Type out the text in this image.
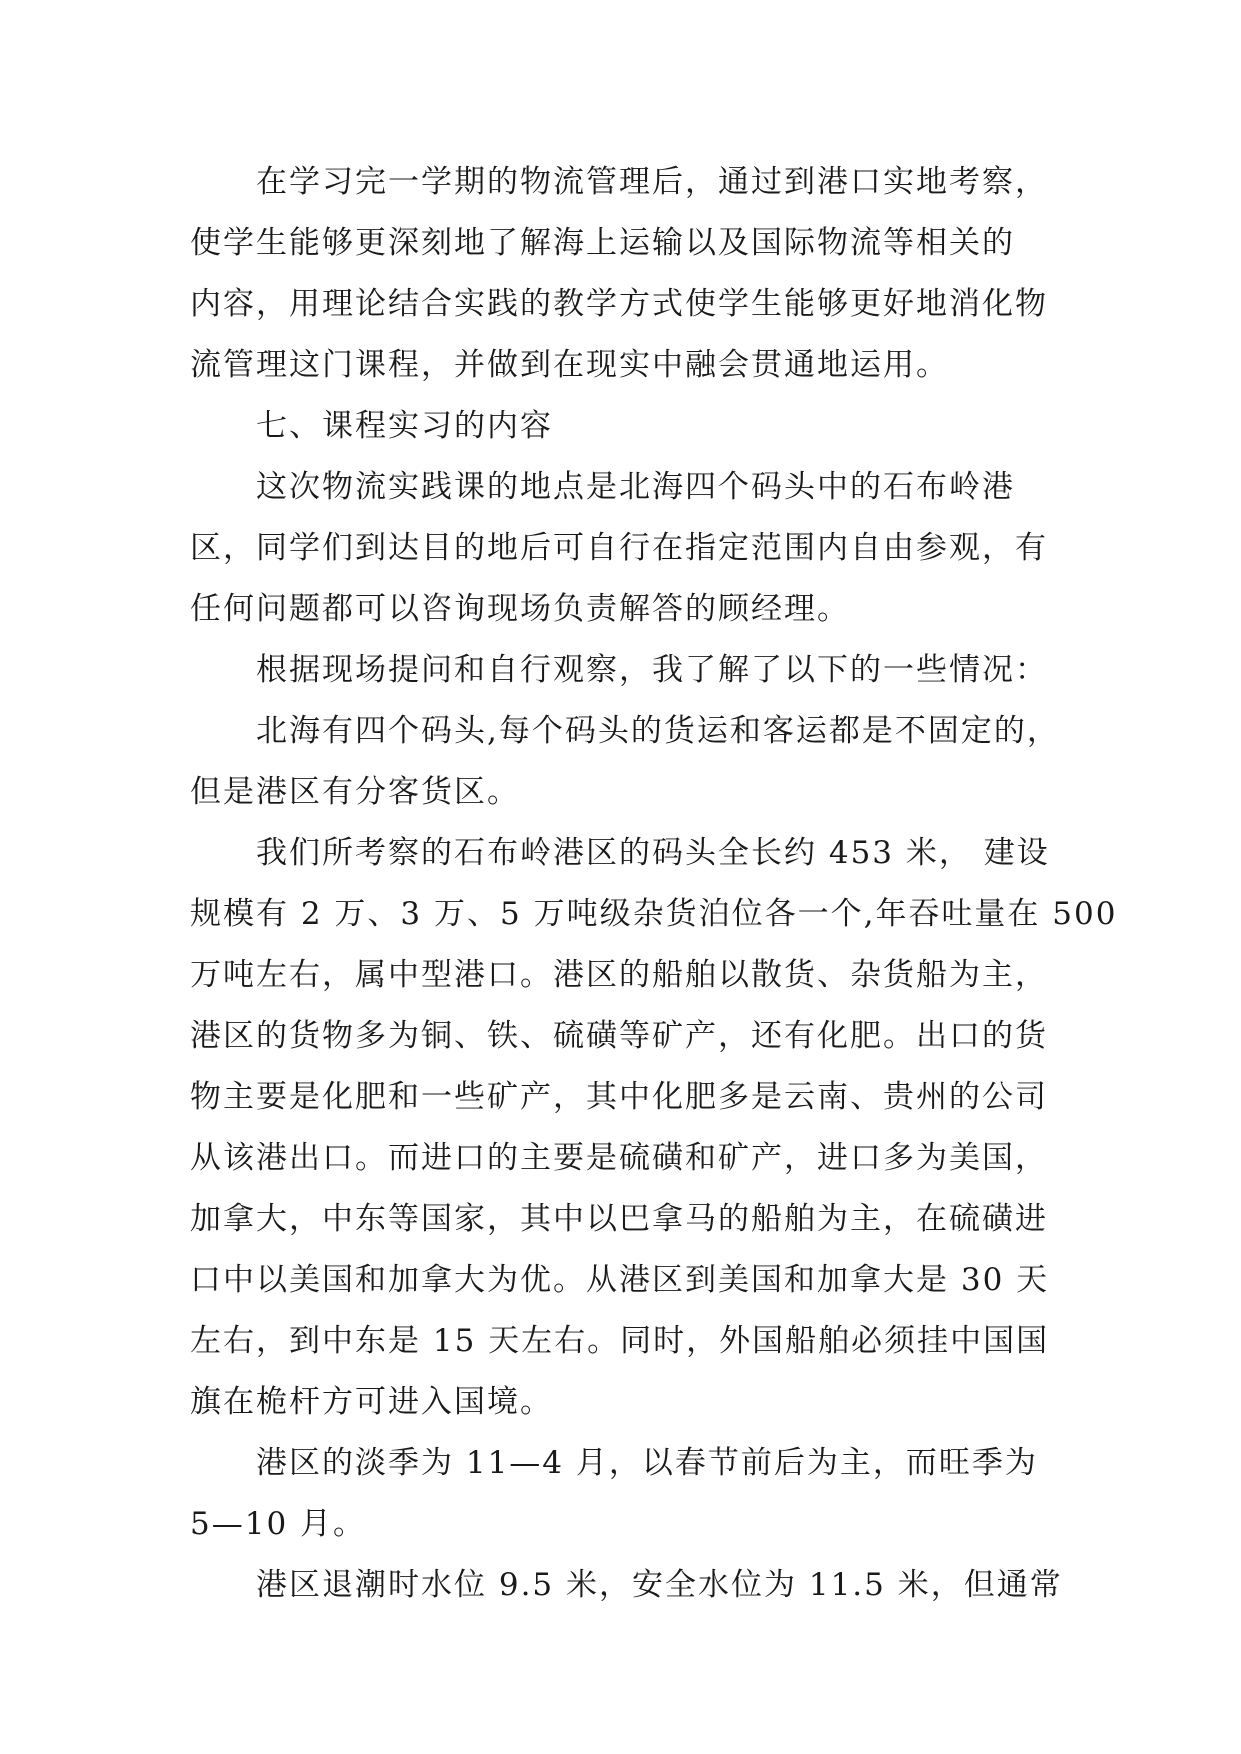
在学习完一学期的物流管理后，通过到港口实地考察，
使学生能够更深刻地了解海上运输以及国际物流等相关的
内容，用理论结合实践的教学方式使学生能够更好地消化物
流管理这门课程，并做到在现实中融会贯通地运用。
七、课程实习的内容
这次物流实践课的地点是北海四个码头中的石布岭港
区，同学们到达目的地后可自行在指定范围内自由参观，有
任何问题都可以咨询现场负责解答的顾经理。
根据现场提问和自行观察，我了解了以下的一些情况：
北海有四个码头,每个码头的货运和客运都是不固定的，
但是港区有分客货区。
我们所考察的石布岭港区的码头全长约 453 米， 建设
规模有 2 万、3 万、5 万吨级杂货泊位各一个,年吞吐量在 500
万吨左右，属中型港口。港区的船舶以散货、杂货船为主，
港区的货物多为铜、铁、硫磺等矿产，还有化肥。出口的货
物主要是化肥和一些矿产，其中化肥多是云南、贵州的公司
从该港出口。而进口的主要是硫磺和矿产，进口多为美国，
加拿大，中东等国家，其中以巴拿马的船舶为主，在硫磺进
口中以美国和加拿大为优。从港区到美国和加拿大是 30 天
左右，到中东是 15 天左右。同时，外国船舶必须挂中国国
旗在桅杆方可进入国境。
港区的淡季为 11—4 月，以春节前后为主，而旺季为
5—10 月。
港区退潮时水位 9.5 米，安全水位为 11.5 米，但通常
